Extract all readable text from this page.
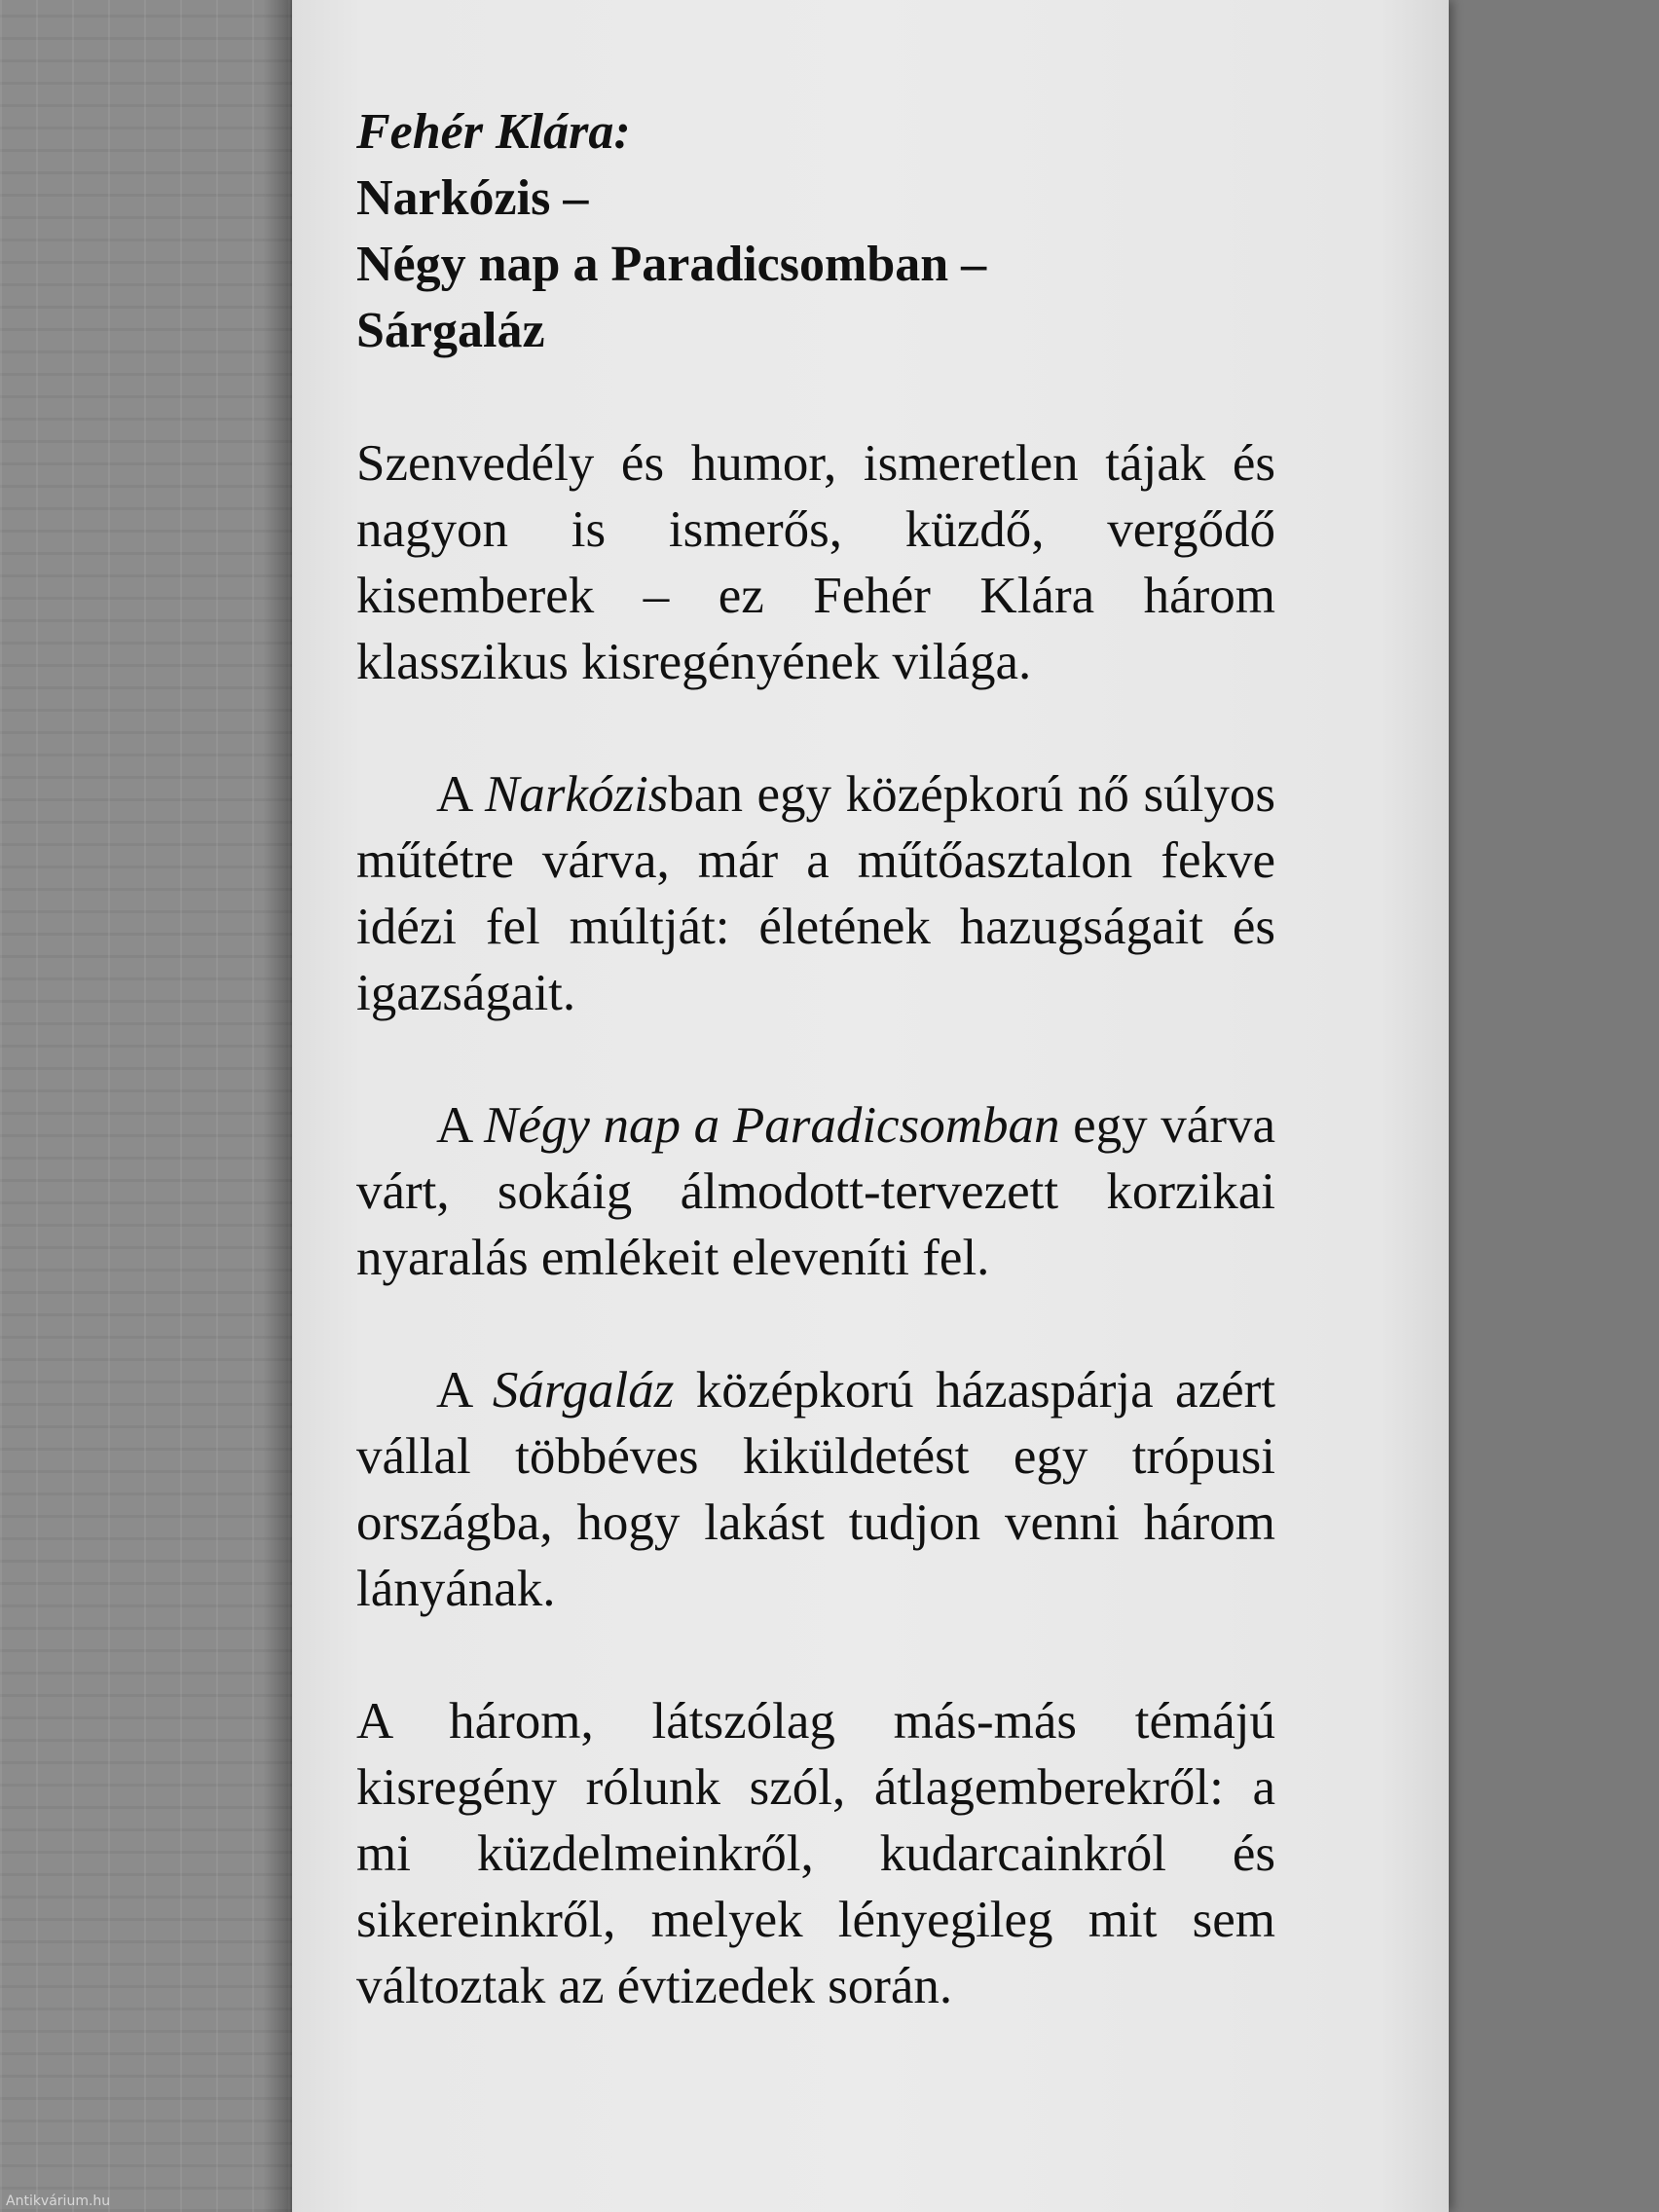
Fehér Klára:

Narkózis –

Négy nap a Paradicsomban –

Sárgaláz

Szenvedély és humor, ismeretlen tájak és nagyon is ismerős, küzdő, vergődő kisemberek – ez Fehér Klára három klasszikus kisregényének világa.

A Narkózisban egy középkorú nő súlyos műtétre várva, már a műtőasztalon fekve idézi fel múltját: életének hazugságait és igazságait.

A Négy nap a Paradicsomban egy várva várt, sokáig álmodott-tervezett korzikai nyaralás emlékeit eleveníti fel.

A Sárgaláz középkorú házaspárja azért vállal többéves kiküldetést egy trópusi országba, hogy lakást tudjon venni három lányának.

A három, látszólag más-más témájú kisregény rólunk szól, átlagemberekről: a mi küzdelmeinkről, kudarcainkról és sikereinkről, melyek lényegileg mit sem változtak az évtizedek során.

Antikvárium.hu
